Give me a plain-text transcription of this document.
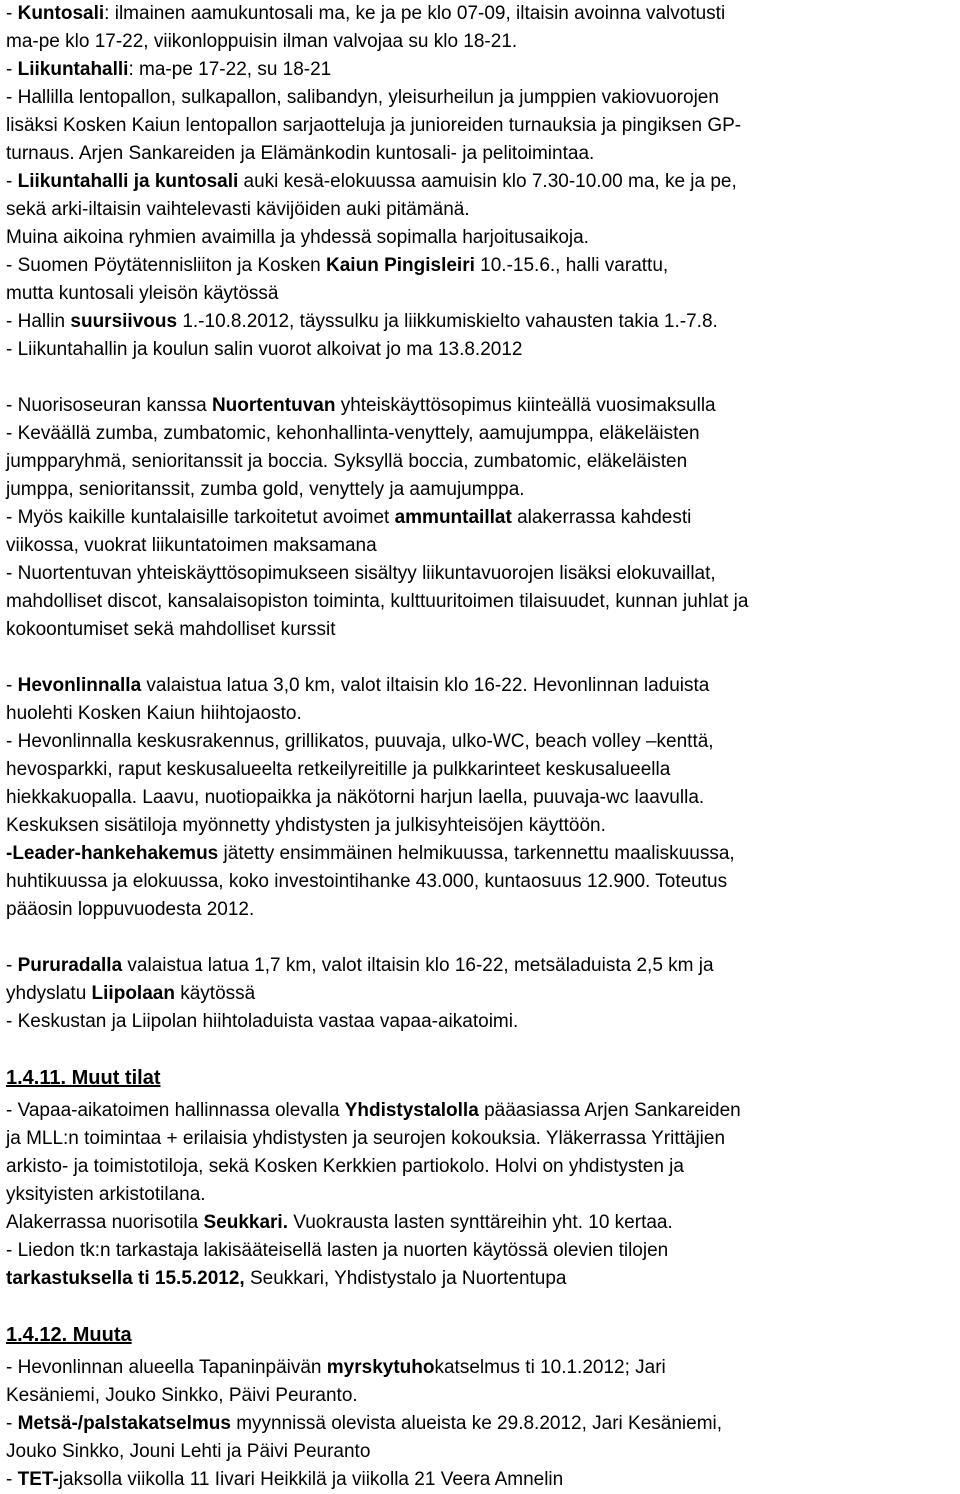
- Kuntosali: ilmainen aamukuntosali ma, ke ja pe klo 07-09, iltaisin avoinna valvotusti

ma-pe klo 17-22, viikonloppuisin ilman valvojaa su klo 18-21.

- Liikuntahalli: ma-pe 17-22, su 18-21

- Hallilla lentopallon, sulkapallon, salibandyn, yleisurheilun ja jumppien vakiovuorojen

lisäksi Kosken Kaiun lentopallon sarjaotteluja ja junioreiden turnauksia ja pingiksen GP-

turnaus. Arjen Sankareiden ja Elämänkodin kuntosali- ja pelitoimintaa.

- Liikuntahalli ja kuntosali auki kesä-elokuussa aamuisin klo 7.30-10.00 ma, ke ja pe,

sekä arki-iltaisin vaihtelevasti kävijöiden auki pitämänä.

Muina aikoina ryhmien avaimilla ja yhdessä sopimalla harjoitusaikoja.

- Suomen Pöytätennisliiton ja Kosken Kaiun Pingisleiri 10.-15.6., halli varattu,

mutta kuntosali yleisön käytössä

- Hallin suursiivous 1.-10.8.2012, täyssulku ja liikkumiskielto vahausten takia 1.-7.8.

- Liikuntahallin ja koulun salin vuorot alkoivat jo ma 13.8.2012

- Nuorisoseuran kanssa Nuortentuvan yhteiskäyttösopimus kiinteällä vuosimaksulla

- Keväällä zumba, zumbatomic, kehonhallinta-venyttely, aamujumppa, eläkeläisten

jumpparyhmä, senioritanssit ja boccia. Syksyllä boccia, zumbatomic, eläkeläisten

jumppa, senioritanssit, zumba gold, venyttely ja aamujumppa.

- Myös kaikille kuntalaisille tarkoitetut avoimet ammuntaillat alakerrassa kahdesti

viikossa, vuokrat liikuntatoimen maksamana

- Nuortentuvan yhteiskäyttösopimukseen sisältyy liikuntavuorojen lisäksi elokuvaillat,

mahdolliset discot, kansalaisopiston toiminta, kulttuuritoimen tilaisuudet, kunnan juhlat ja

kokoontumiset sekä mahdolliset kurssit

- Hevonlinnalla valaistua latua 3,0 km, valot iltaisin klo 16-22. Hevonlinnan laduista

huolehti Kosken Kaiun hiihtojaosto.

- Hevonlinnalla keskusrakennus, grillikatos, puuvaja, ulko-WC, beach volley –kenttä,

hevosparkki, raput keskusalueelta retkeilyreitille ja pulkkarinteet keskusalueella

hiekkakuopalla. Laavu, nuotiopaikka ja näkötorni harjun laella, puuvaja-wc laavulla.

Keskuksen sisätiloja myönnetty yhdistysten ja julkisyhteisöjen käyttöön.

-Leader-hankehakemus jätetty ensimmäinen helmikuussa, tarkennettu maaliskuussa,

huhtikuussa ja elokuussa, koko investointihanke 43.000, kuntaosuus 12.900. Toteutus

pääosin loppuvuodesta 2012.

- Pururadalla valaistua latua 1,7 km, valot iltaisin klo 16-22, metsäladuista 2,5 km ja

yhdyslatu Liipolaan käytössä

- Keskustan ja Liipolan hiihtoladuista vastaa vapaa-aikatoimi.

1.4.11. Muut tilat

- Vapaa-aikatoimen hallinnassa olevalla Yhdistystalolla pääasiassa Arjen Sankareiden

ja MLL:n toimintaa + erilaisia yhdistysten ja seurojen kokouksia. Yläkerrassa Yrittäjien

arkisto- ja toimistotiloja, sekä Kosken Kerkkien partiokolo. Holvi on yhdistysten ja

yksityisten arkistotilana.

Alakerrassa nuorisotila Seukkari. Vuokrausta lasten synttäreihin yht. 10 kertaa.

- Liedon tk:n tarkastaja lakisääteisellä lasten ja nuorten käytössä olevien tilojen

tarkastuksella ti 15.5.2012, Seukkari, Yhdistystalo ja Nuortentupa

1.4.12. Muuta

- Hevonlinnan alueella Tapaninpäivän myrskytuhokatselmus ti 10.1.2012; Jari

Kesäniemi, Jouko Sinkko, Päivi Peuranto.

- Metsä-/palstakatselmus myynnissä olevista alueista ke 29.8.2012, Jari Kesäniemi,

Jouko Sinkko, Jouni Lehti ja Päivi Peuranto

- TET-jaksolla viikolla 11 Iivari Heikkilä ja viikolla 21 Veera Amnelin
